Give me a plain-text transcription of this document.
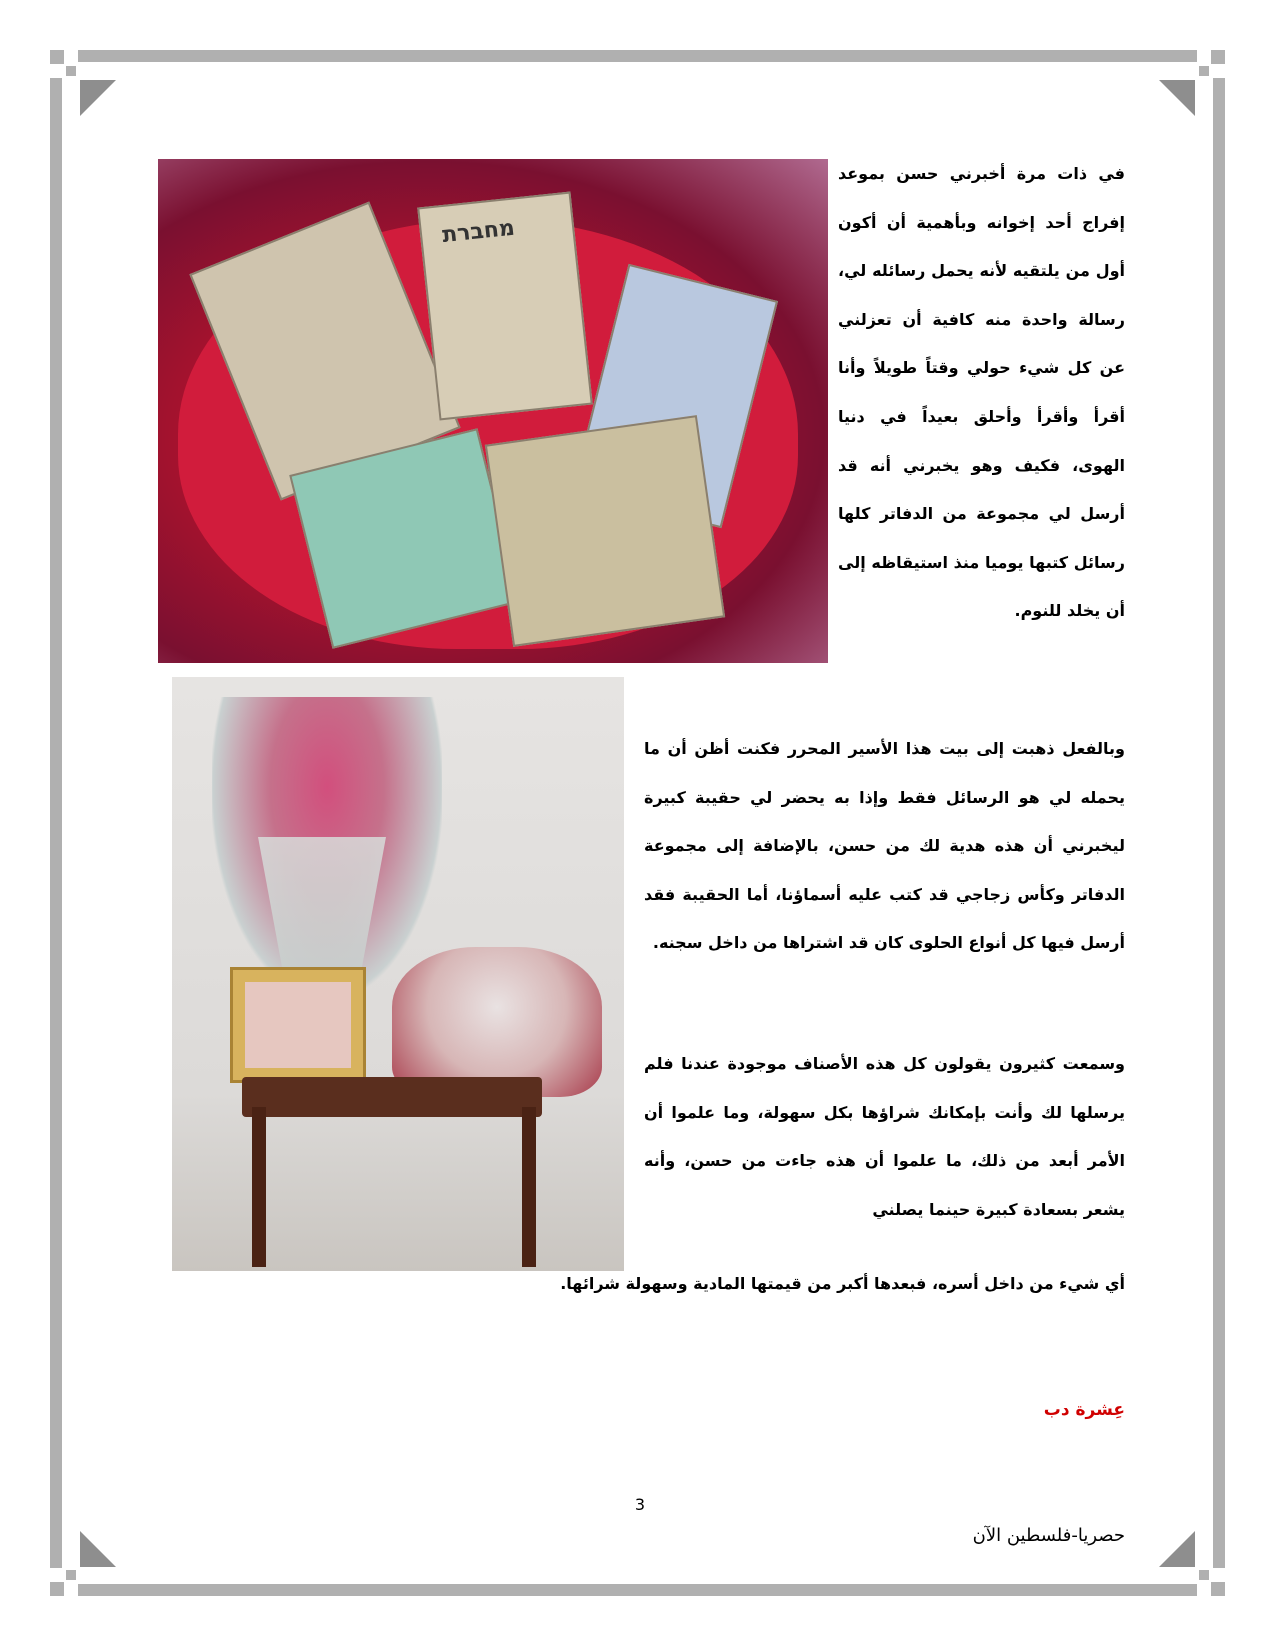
מחברת

في ذات مرة أخبرني حسن بموعد إفراج أحد إخوانه وبأهمية أن أكون أول من يلتقيه لأنه يحمل رسائله لي، رسالة واحدة منه كافية أن تعزلني عن كل شيء حولي وقتاً طويلاً وأنا أقرأ وأقرأ وأحلق بعيداً في دنيا الهوى، فكيف وهو يخبرني أنه قد أرسل لي مجموعة من الدفاتر كلها رسائل كتبها يوميا منذ استيقاظه إلى أن يخلد للنوم.

وبالفعل ذهبت إلى بيت هذا الأسير المحرر فكنت أظن أن ما يحمله لي هو الرسائل فقط وإذا به يحضر لي حقيبة كبيرة ليخبرني أن هذه هدية لك من حسن، بالإضافة إلى مجموعة الدفاتر وكأس زجاجي قد كتب عليه أسماؤنا، أما الحقيبة فقد أرسل فيها كل أنواع الحلوى كان قد اشتراها من داخل سجنه.

وسمعت كثيرون يقولون كل هذه الأصناف موجودة عندنا فلم يرسلها لك وأنت بإمكانك شراؤها بكل سهولة، وما علموا أن الأمر أبعد من ذلك، ما علموا أن هذه جاءت من حسن، وأنه يشعر بسعادة كبيرة حينما يصلني

أي شيء من داخل أسره، فبعدها أكبر من قيمتها المادية وسهولة شرائها.

عِشرة دب
3
حصريا-فلسطين الآن
